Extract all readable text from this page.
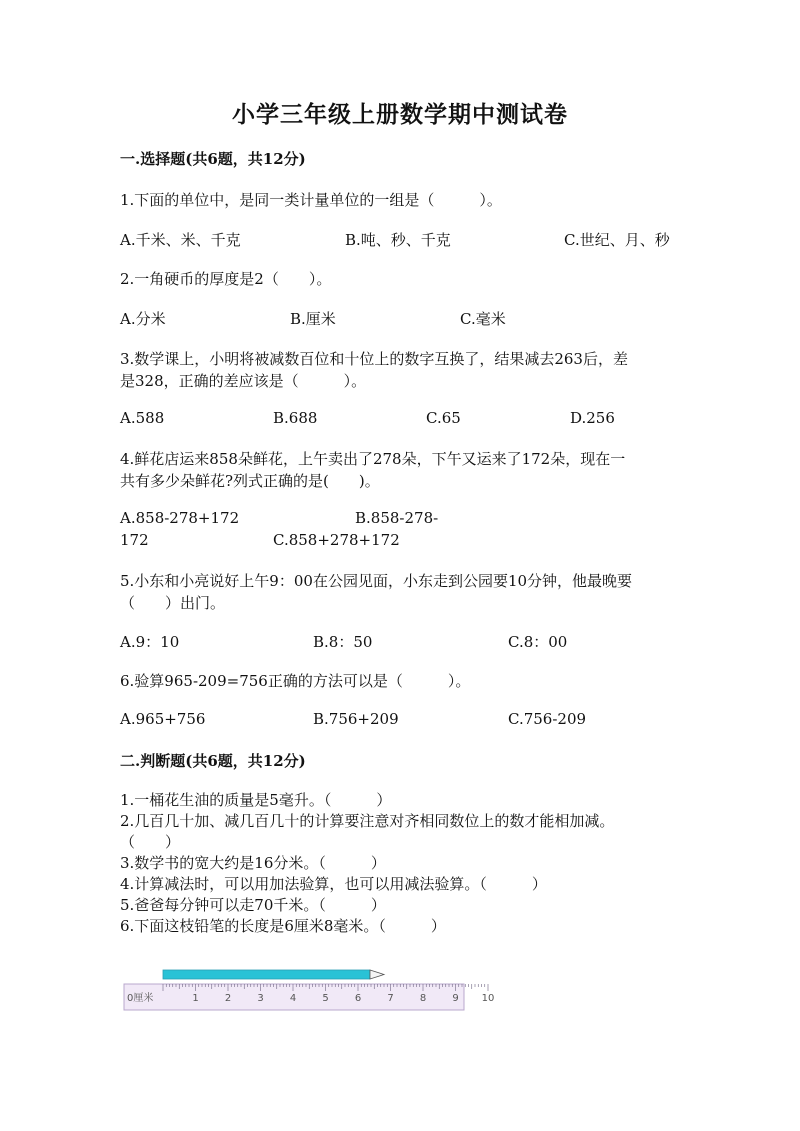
小学三年级上册数学期中测试卷
一.选择题(共6题，共12分)
1.下面的单位中，是同一类计量单位的一组是（　　　）。
A.千米、米、千克	B.吨、秒、千克	C.世纪、月、秒
2.一角硬币的厚度是2（　　）。
A.分米	B.厘米	C.毫米
3.数学课上，小明将被减数百位和十位上的数字互换了，结果减去263后，差
是328，正确的差应该是（　　　）。
A.588	B.688	C.65	D.256
4.鲜花店运来858朵鲜花，上午卖出了278朵，下午又运来了172朵，现在一
共有多少朵鲜花?列式正确的是(　　)。
A.858-278+172	B.858-278-
172	C.858+278+172
5.小东和小亮说好上午9：00在公园见面，小东走到公园要10分钟，他最晚要
（　　）出门。
A.9：10	B.8：50	C.8：00
6.验算965-209=756正确的方法可以是（　　　）。
A.965+756	B.756+209	C.756-209
二.判断题(共6题，共12分)
1.一桶花生油的质量是5毫升。（　　　）
2.几百几十加、减几百几十的计算要注意对齐相同数位上的数才能相加减。
（　　）
3.数学书的宽大约是16分米。（　　　）
4.计算减法时，可以用加法验算，也可以用减法验算。（　　　）
5.爸爸每分钟可以走70千米。（　　　）
6.下面这枝铅笔的长度是6厘米8毫米。（　　　）
0厘米	1	2	3	4	5	6	7	8	9 10
